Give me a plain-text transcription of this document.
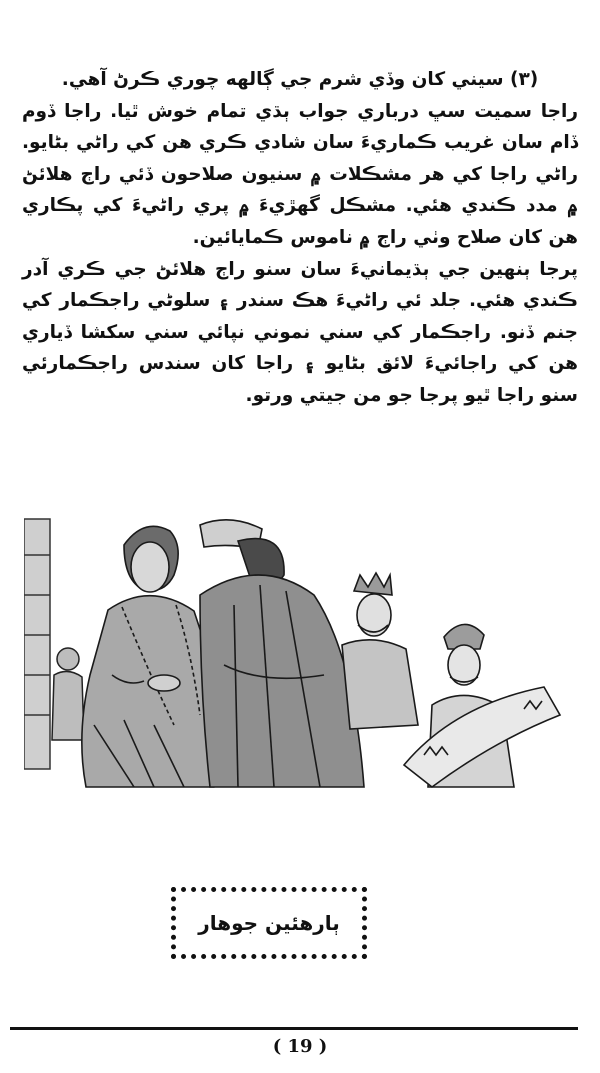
(٣) سيني کان وڏي شرم جي ڳالهه چوري ڪرڻ آهي.

راجا سميت سڀ درباري جواب ٻڌي تمام خوش ٿيا. راجا ڏوم ڏام سان غريب ڪماريءَ سان شادي ڪري هن کي راڻي بڻايو. راڻي راجا کي هر مشڪلات ۾ سنيون صلاحون ڏئي راڄ هلائڻ ۾ مدد ڪندي هئي. مشڪل گهڙيءَ ۾ پري راڻيءَ کي پڪاري هن کان صلاح وٺي راڄ ۾ ناموس ڪمايائين.

پرجا ٻنهين جي ٻڌيمانيءَ سان سنو راڄ هلائڻ جي ڪري آدر ڪندي هئي. جلد ئي راڻيءَ هڪ سندر ۽ سلوڻي راجڪمار کي جنم ڏنو. راجڪمار کي سني نموني نپائي سني سکشا ڏياري هن کي راجائيءَ لائق بڻايو ۽ راجا کان سندس راجڪمارئي سنو راجا ٿيو پرجا جو من جيتي ورتو.

ٻارهئين جوهار
( 19 )
